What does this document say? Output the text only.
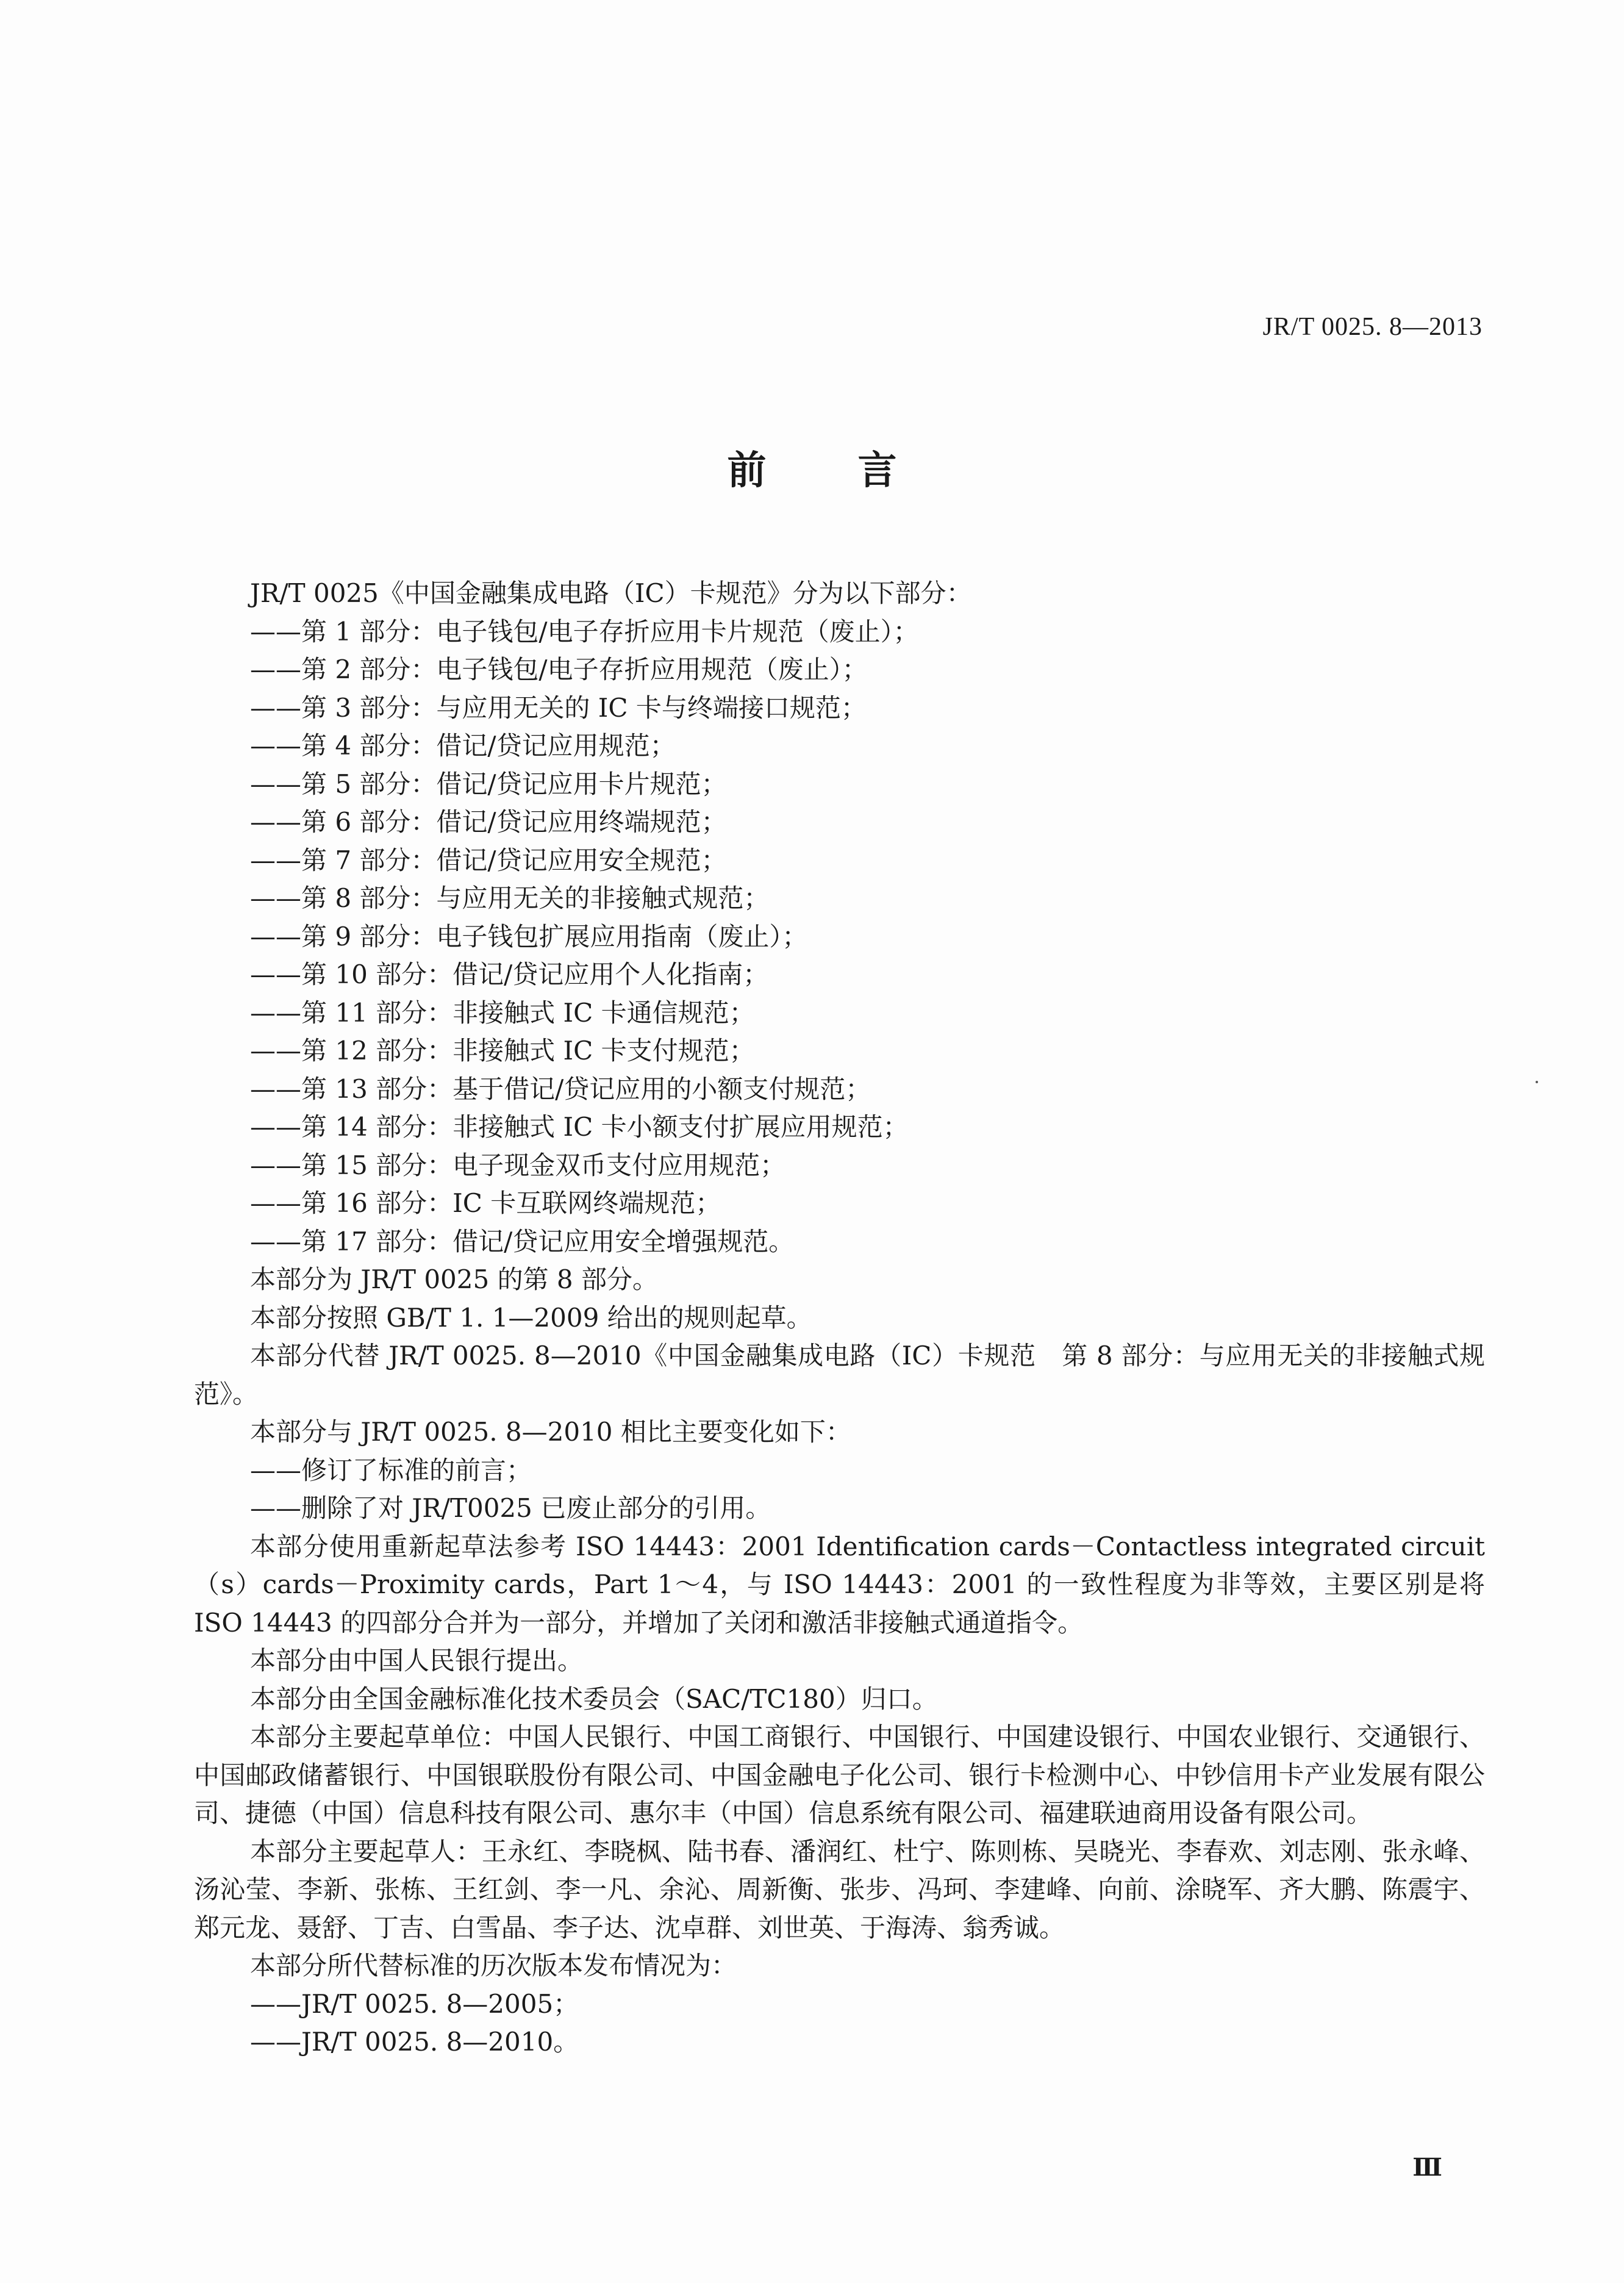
JR/T 0025. 8—2013
前言

JR/T 0025《中国金融集成电路（IC）卡规范》分为以下部分：

——第 1 部分：电子钱包/电子存折应用卡片规范（废止）；

——第 2 部分：电子钱包/电子存折应用规范（废止）；

——第 3 部分：与应用无关的 IC 卡与终端接口规范；

——第 4 部分：借记/贷记应用规范；

——第 5 部分：借记/贷记应用卡片规范；

——第 6 部分：借记/贷记应用终端规范；

——第 7 部分：借记/贷记应用安全规范；

——第 8 部分：与应用无关的非接触式规范；

——第 9 部分：电子钱包扩展应用指南（废止）；

——第 10 部分：借记/贷记应用个人化指南；

——第 11 部分：非接触式 IC 卡通信规范；

——第 12 部分：非接触式 IC 卡支付规范；

——第 13 部分：基于借记/贷记应用的小额支付规范；

——第 14 部分：非接触式 IC 卡小额支付扩展应用规范；

——第 15 部分：电子现金双币支付应用规范；

——第 16 部分：IC 卡互联网终端规范；

——第 17 部分：借记/贷记应用安全增强规范。

本部分为 JR/T 0025 的第 8 部分。

本部分按照 GB/T 1. 1—2009 给出的规则起草。

本部分代替 JR/T 0025. 8—2010《中国金融集成电路（IC）卡规范　第 8 部分：与应用无关的非接触式规范》。

本部分与 JR/T 0025. 8—2010 相比主要变化如下：

——修订了标准的前言；

——删除了对 JR/T0025 已废止部分的引用。

本部分使用重新起草法参考 ISO 14443：2001 Identification cards－Contactless integrated circuit（s）cards－Proximity cards，Part 1～4，与 ISO 14443：2001 的一致性程度为非等效，主要区别是将 ISO 14443 的四部分合并为一部分，并增加了关闭和激活非接触式通道指令。

本部分由中国人民银行提出。

本部分由全国金融标准化技术委员会（SAC/TC180）归口。

本部分主要起草单位：中国人民银行、中国工商银行、中国银行、中国建设银行、中国农业银行、交通银行、中国邮政储蓄银行、中国银联股份有限公司、中国金融电子化公司、银行卡检测中心、中钞信用卡产业发展有限公司、捷德（中国）信息科技有限公司、惠尔丰（中国）信息系统有限公司、福建联迪商用设备有限公司。

本部分主要起草人：王永红、李晓枫、陆书春、潘润红、杜宁、陈则栋、吴晓光、李春欢、刘志刚、张永峰、汤沁莹、李新、张栋、王红剑、李一凡、余沁、周新衡、张步、冯珂、李建峰、向前、涂晓军、齐大鹏、陈震宇、郑元龙、聂舒、丁吉、白雪晶、李子达、沈卓群、刘世英、于海涛、翁秀诚。

本部分所代替标准的历次版本发布情况为：

——JR/T 0025. 8—2005；

——JR/T 0025. 8—2010。

Ⅲ
